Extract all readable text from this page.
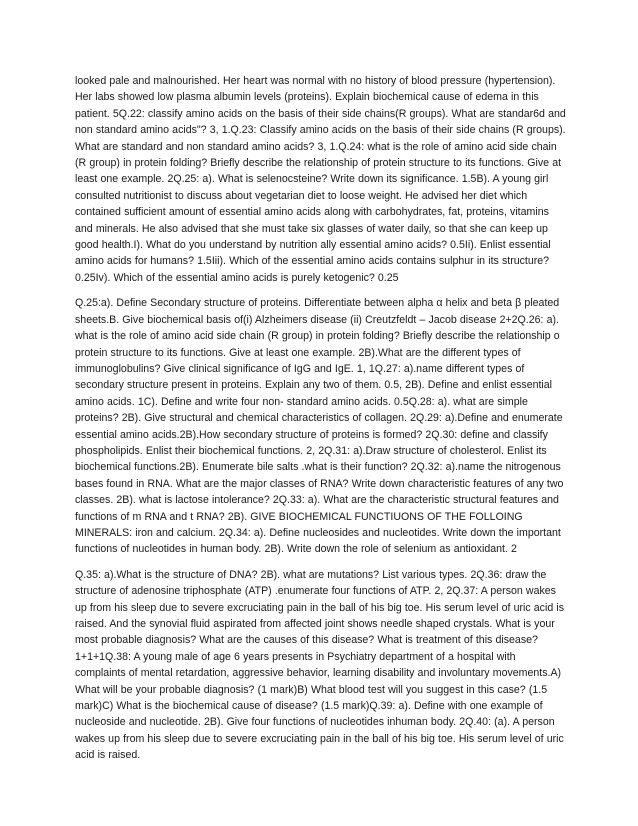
looked pale and malnourished. Her heart was normal with no history of blood pressure (hypertension). Her labs showed low plasma albumin levels (proteins). Explain biochemical cause of edema in this patient. 5Q.22: classify amino acids on the basis of their side chains(R groups). What are standar6d and non standard amino acids"? 3, 1.Q.23: Classify amino acids on the basis of their side chains (R groups). What are standard and non standard amino acids? 3, 1.Q.24: what is the role of amino acid side chain (R group) in protein folding? Briefly describe the relationship of protein structure to its functions. Give at least one example. 2Q.25: a). What is selenocsteine? Write down its significance. 1.5B). A young girl consulted nutritionist to discuss about vegetarian diet to loose weight. He advised her diet which contained sufficient amount of essential amino acids along with carbohydrates, fat, proteins, vitamins and minerals. He also advised that she must take six glasses of water daily, so that she can keep up good health.I). What do you understand by nutrition ally essential amino acids? 0.5Ii). Enlist essential amino acids for humans? 1.5Iii). Which of the essential amino acids contains sulphur in its structure? 0.25Iv). Which of the essential amino acids is purely ketogenic? 0.25

Q.25:a). Define Secondary structure of proteins. Differentiate between alpha α helix and beta β pleated sheets.B. Give biochemical basis of(i) Alzheimers disease (ii) Creutzfeldt – Jacob disease 2+2Q.26: a). what is the role of amino acid side chain (R group) in protein folding? Briefly describe the relationship o protein structure to its functions. Give at least one example. 2B).What are the different types of immunoglobulins? Give clinical significance of IgG and IgE. 1, 1Q.27: a).name different types of secondary structure present in proteins. Explain any two of them. 0.5, 2B). Define and enlist essential amino acids. 1C). Define and write four non- standard amino acids. 0.5Q.28: a). what are simple proteins? 2B). Give structural and chemical characteristics of collagen. 2Q.29: a).Define and enumerate essential amino acids.2B).How secondary structure of proteins is formed? 2Q.30: define and classify phospholipids. Enlist their biochemical functions. 2, 2Q.31: a).Draw structure of cholesterol. Enlist its biochemical functions.2B). Enumerate bile salts .what is their function? 2Q.32: a).name the nitrogenous bases found in RNA. What are the major classes of RNA? Write down characteristic features of any two classes. 2B). what is lactose intolerance? 2Q.33: a). What are the characteristic structural features and functions of m RNA and t RNA? 2B). GIVE BIOCHEMICAL FUNCTIUONS OF THE FOLLOING MINERALS: iron and calcium. 2Q.34: a). Define nucleosides and nucleotides. Write down the important functions of nucleotides in human body. 2B). Write down the role of selenium as antioxidant. 2

Q.35: a).What is the structure of DNA? 2B). what are mutations? List various types. 2Q.36: draw the structure of adenosine triphosphate (ATP) .enumerate four functions of ATP. 2, 2Q.37: A person wakes up from his sleep due to severe excruciating pain in the ball of his big toe. His serum level of uric acid is raised. And the synovial fluid aspirated from affected joint shows needle shaped crystals. What is your most probable diagnosis? What are the causes of this disease? What is treatment of this disease? 1+1+1Q.38: A young male of age 6 years presents in Psychiatry department of a hospital with complaints of mental retardation, aggressive behavior, learning disability and involuntary movements.A) What will be your probable diagnosis? (1 mark)B) What blood test will you suggest in this case? (1.5 mark)C) What is the biochemical cause of disease? (1.5 mark)Q.39: a). Define with one example of nucleoside and nucleotide. 2B). Give four functions of nucleotides inhuman body. 2Q.40: (a). A person wakes up from his sleep due to severe excruciating pain in the ball of his big toe. His serum level of uric acid is raised.
